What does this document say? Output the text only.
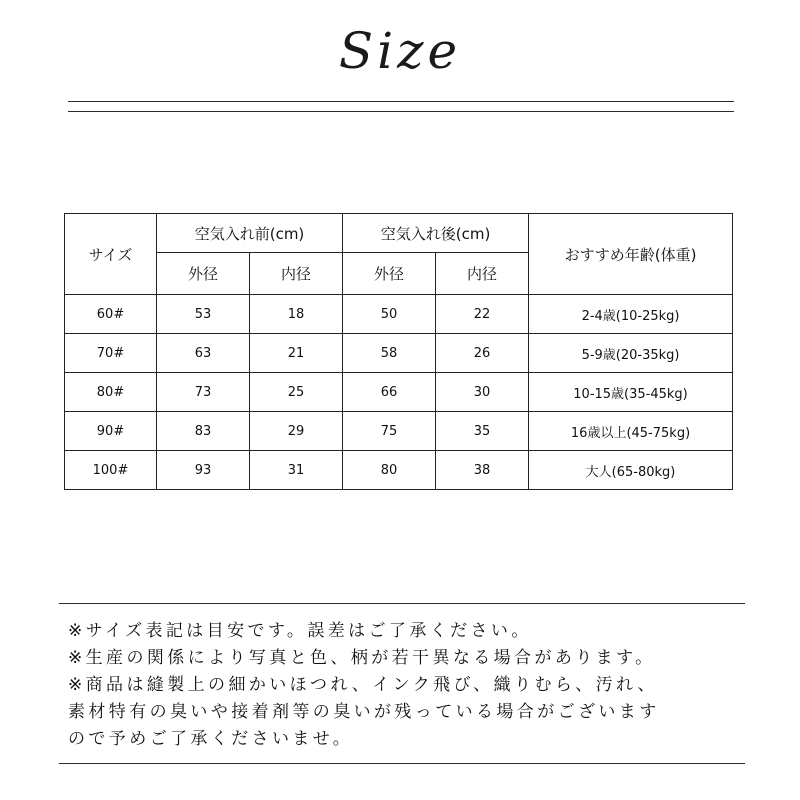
Size
サイズ	空気入れ前(cm)		空気入れ後(cm)		おすすめ年齢(体重)
	外径	内径	外径	内径	
60#	53	18	50	22	2-4歳(10-25kg)
70#	63	21	58	26	5-9歳(20-35kg)
80#	73	25	66	30	10-15歳(35-45kg)
90#	83	29	75	35	16歳以上(45-75kg)
100#	93	31	80	38	大人(65-80kg)
※サイズ表記は目安です。誤差はご了承ください。
※生産の関係により写真と色、柄が若干異なる場合があります。
※商品は縫製上の細かいほつれ、インク飛び、織りむら、汚れ、
素材特有の臭いや接着剤等の臭いが残っている場合がございます
ので予めご了承くださいませ。
